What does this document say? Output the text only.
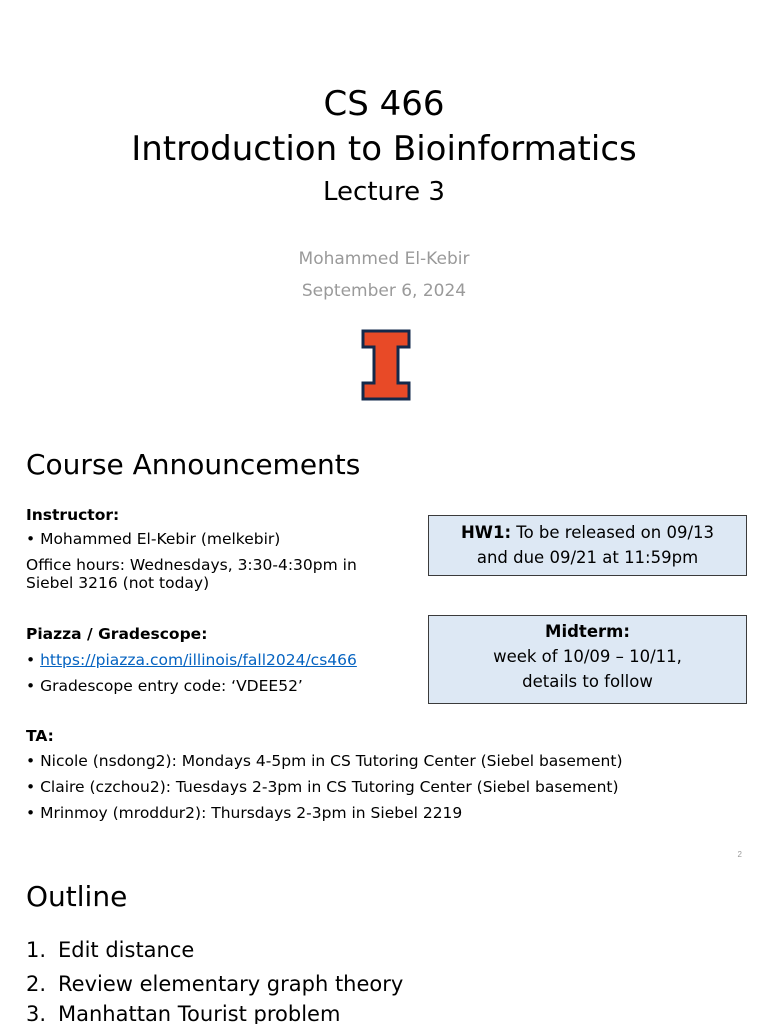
CS 466
Introduction to Bioinformatics
Lecture 3
Mohammed El-Kebir
September 6, 2024
Course Announcements
Instructor:
• Mohammed El-Kebir (melkebir)
Office hours: Wednesdays, 3:30-4:30pm in
Siebel 3216 (not today)
Piazza / Gradescope:
• https://piazza.com/illinois/fall2024/cs466
• Gradescope entry code: ‘VDEE52’
TA:
• Nicole (nsdong2): Mondays 4-5pm in CS Tutoring Center (Siebel basement)
• Claire (czchou2): Tuesdays 2-3pm in CS Tutoring Center (Siebel basement)
• Mrinmoy (mroddur2): Thursdays 2-3pm in Siebel 2219
HW1: To be released on 09/13
and due 09/21 at 11:59pm
Midterm:
week of 10/09 – 10/11,
details to follow
2
Outline
1. Edit distance
2. Review elementary graph theory
3. Manhattan Tourist problem
